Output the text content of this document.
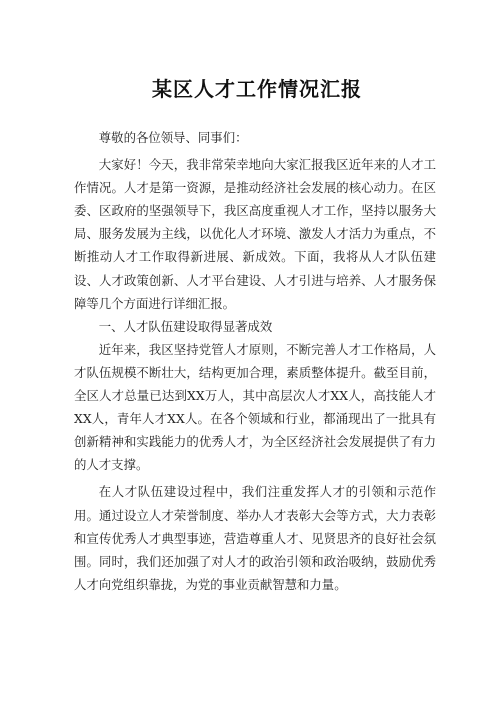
某区人才工作情况汇报

尊敬的各位领导、同事们：

大家好！今天，我非常荣幸地向大家汇报我区近年来的人才工作情况。人才是第一资源，是推动经济社会发展的核心动力。在区委、区政府的坚强领导下，我区高度重视人才工作，坚持以服务大局、服务发展为主线，以优化人才环境、激发人才活力为重点，不断推动人才工作取得新进展、新成效。下面，我将从人才队伍建设、人才政策创新、人才平台建设、人才引进与培养、人才服务保障等几个方面进行详细汇报。

一、人才队伍建设取得显著成效

近年来，我区坚持党管人才原则，不断完善人才工作格局，人才队伍规模不断壮大，结构更加合理，素质整体提升。截至目前，全区人才总量已达到XX万人，其中高层次人才XX人，高技能人才XX人，青年人才XX人。在各个领域和行业，都涌现出了一批具有创新精神和实践能力的优秀人才，为全区经济社会发展提供了有力的人才支撑。

在人才队伍建设过程中，我们注重发挥人才的引领和示范作用。通过设立人才荣誉制度、举办人才表彰大会等方式，大力表彰和宣传优秀人才典型事迹，营造尊重人才、见贤思齐的良好社会氛围。同时，我们还加强了对人才的政治引领和政治吸纳，鼓励优秀人才向党组织靠拢，为党的事业贡献智慧和力量。
